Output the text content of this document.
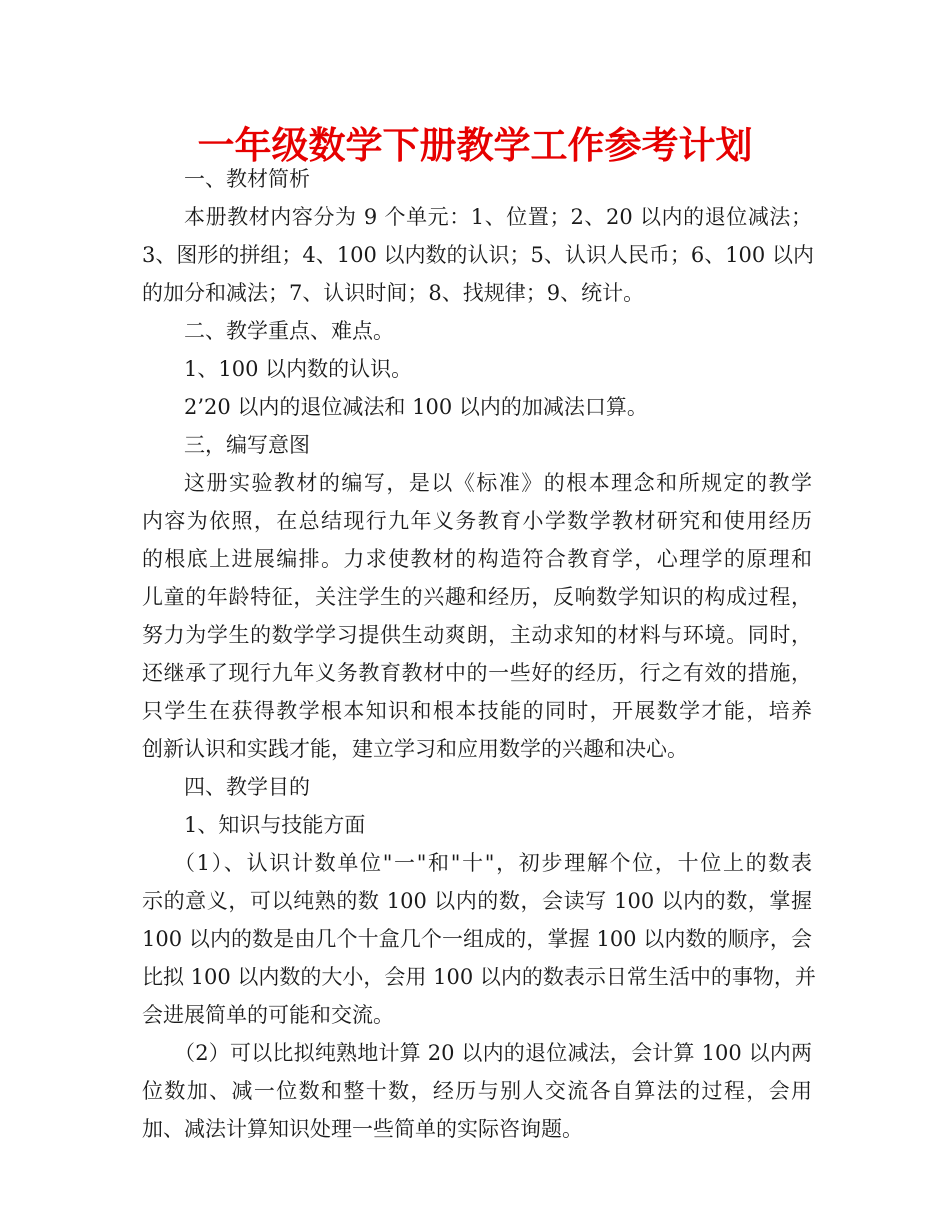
一年级数学下册教学工作参考计划
一、教材简析
本册教材内容分为 9 个单元：1、位置；2、20 以内的退位减法；
3、图形的拼组；4、100 以内数的认识；5、认识人民币；6、100 以内
的加分和减法；7、认识时间；8、找规律；9、统计。
二、教学重点、难点。
1、100 以内数的认识。
2’20 以内的退位减法和 100 以内的加减法口算。
三，编写意图
这册实验教材的编写，是以《标准》的根本理念和所规定的教学
内容为依照，在总结现行九年义务教育小学数学教材研究和使用经历
的根底上进展编排。力求使教材的构造符合教育学，心理学的原理和
儿童的年龄特征，关注学生的兴趣和经历，反响数学知识的构成过程，
努力为学生的数学学习提供生动爽朗，主动求知的材料与环境。同时，
还继承了现行九年义务教育教材中的一些好的经历，行之有效的措施，
只学生在获得教学根本知识和根本技能的同时，开展数学才能，培养
创新认识和实践才能，建立学习和应用数学的兴趣和决心。
四、教学目的
1、知识与技能方面
（1）、认识计数单位"一"和"十"，初步理解个位，十位上的数表
示的意义，可以纯熟的数 100 以内的数，会读写 100 以内的数，掌握
100 以内的数是由几个十盒几个一组成的，掌握 100 以内数的顺序，会
比拟 100 以内数的大小，会用 100 以内的数表示日常生活中的事物，并
会进展简单的可能和交流。
（2）可以比拟纯熟地计算 20 以内的退位减法，会计算 100 以内两
位数加、减一位数和整十数，经历与别人交流各自算法的过程，会用
加、减法计算知识处理一些简单的实际咨询题。
